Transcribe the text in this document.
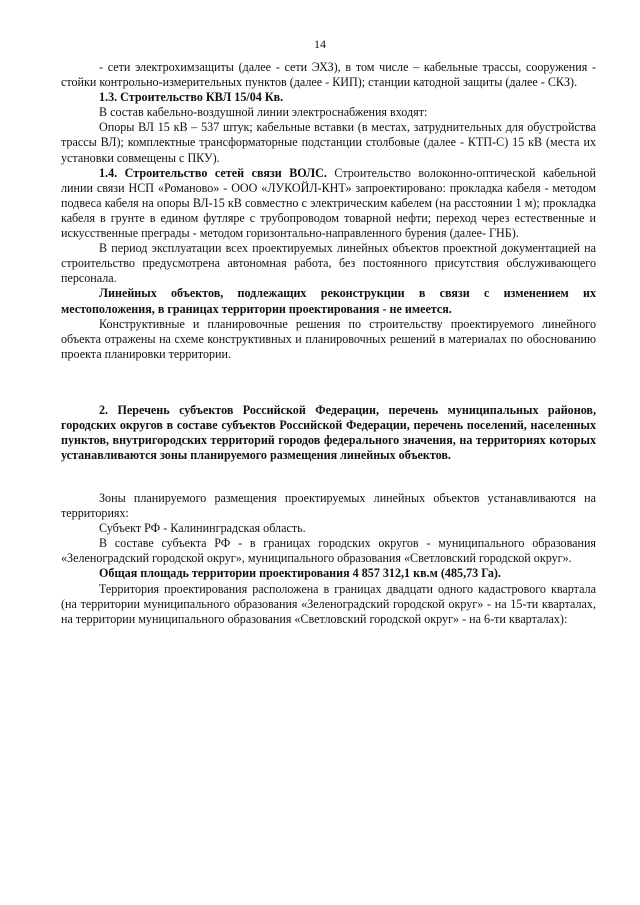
14

- сети электрохимзащиты (далее - сети ЭХЗ), в том числе – кабельные трассы, сооружения - стойки контрольно-измерительных пунктов (далее - КИП); станции катодной защиты (далее - СКЗ).

1.3. Строительство КВЛ 15/04 Кв.

В состав кабельно-воздушной линии электроснабжения входят:

Опоры ВЛ 15 кВ – 537 штук; кабельные вставки (в местах, затруднительных для обустройства трассы ВЛ); комплектные трансформаторные подстанции столбовые (далее - КТП-С) 15 кВ (места их установки совмещены с ПКУ).

1.4. Строительство сетей связи ВОЛС. Строительство волоконно-оптической кабельной линии связи НСП «Романово» - ООО «ЛУКОЙЛ-КНТ» запроектировано: прокладка кабеля - методом подвеса кабеля на опоры ВЛ-15 кВ совместно с электрическим кабелем (на расстоянии 1 м); прокладка кабеля в грунте в едином футляре с трубопроводом товарной нефти; переход через естественные и искусственные преграды - методом горизонтально-направленного бурения (далее- ГНБ).

В период эксплуатации всех проектируемых линейных объектов проектной документацией на строительство предусмотрена автономная работа, без постоянного присутствия обслуживающего персонала.

Линейных объектов, подлежащих реконструкции в связи с изменением их местоположения, в границах территории проектирования - не имеется.

Конструктивные и планировочные решения по строительству проектируемого линейного объекта отражены на схеме конструктивных и планировочных решений в материалах по обоснованию проекта планировки территории.

2. Перечень субъектов Российской Федерации, перечень муниципальных районов, городских округов в составе субъектов Российской Федерации, перечень поселений, населенных пунктов, внутригородских территорий городов федерального значения, на территориях которых устанавливаются зоны планируемого размещения линейных объектов.

Зоны планируемого размещения проектируемых линейных объектов устанавливаются на территориях:

Субъект РФ - Калининградская область.

В составе субъекта РФ - в границах городских округов - муниципального образования «Зеленоградский городской округ», муниципального образования «Светловский городской округ».

Общая площадь территории проектирования 4 857 312,1 кв.м (485,73 Га).

Территория проектирования расположена в границах двадцати одного кадастрового квартала (на территории муниципального образования «Зеленоградский городской округ» - на 15-ти кварталах, на территории муниципального образования «Светловский городской округ» - на 6-ти кварталах):
